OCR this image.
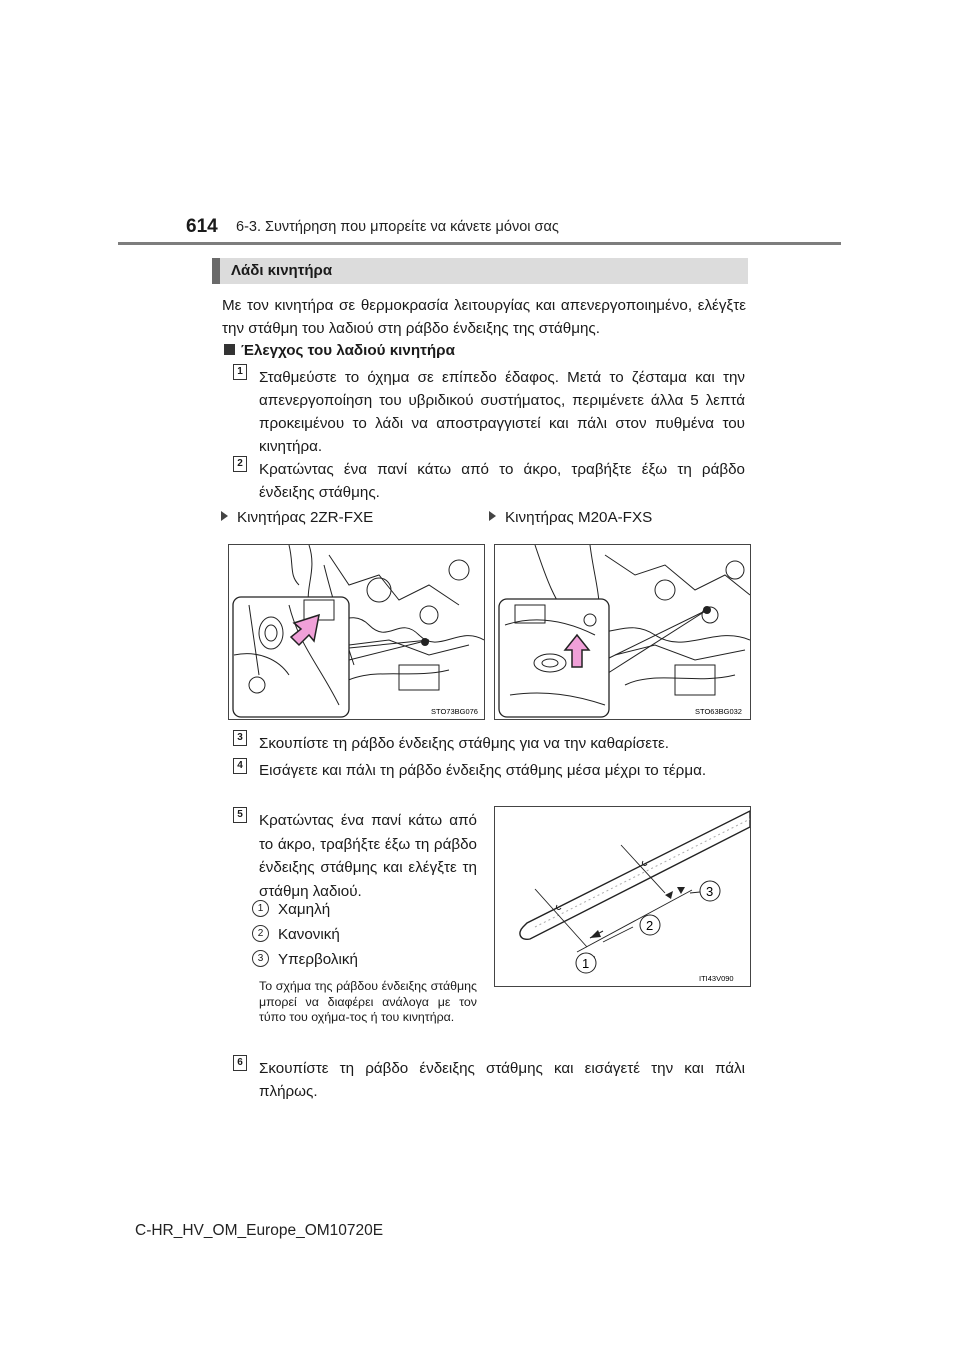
614 6-3. Συντήρηση που μπορείτε να κάνετε μόνοι σας
Λάδι κινητήρα
Με τον κινητήρα σε θερμοκρασία λειτουργίας και απενεργοποιημένο, ελέγξτε την στάθμη του λαδιού στη ράβδο ένδειξης της στάθμης.
Έλεγχος του λαδιού κινητήρα
1 Σταθμεύστε το όχημα σε επίπεδο έδαφος. Μετά το ζέσταμα και την απενεργοποίηση του υβριδικού συστήματος, περιμένετε άλλα 5 λεπτά προκειμένου το λάδι να αποστραγγιστεί και πάλι στον πυθμένα του κινητήρα.
2 Κρατώντας ένα πανί κάτω από το άκρο, τραβήξτε έξω τη ράβδο ένδειξης στάθμης.
Κινητήρας 2ZR-FXE	Κινητήρας M20A-FXS
STO73BG076	STO63BG032
3 Σκουπίστε τη ράβδο ένδειξης στάθμης για να την καθαρίσετε.
4 Εισάγετε και πάλι τη ράβδο ένδειξης στάθμης μέσα μέχρι το τέρμα.
5 Κρατώντας ένα πανί κάτω από το άκρο, τραβήξτε έξω τη ράβδο ένδειξης στάθμης και ελέγξτε τη στάθμη λαδιού.
1 Χαμηλή
2 Κανονική
3 Υπερβολική
Το σχήμα της ράβδου ένδειξης στάθμης μπορεί να διαφέρει ανάλογα με τον τύπο του οχήμα-τος ή του κινητήρα.
1
2
3
ITI43V090
6 Σκουπίστε τη ράβδο ένδειξης στάθμης και εισάγετέ την και πάλι πλήρως.
C-HR_HV_OM_Europe_OM10720E
